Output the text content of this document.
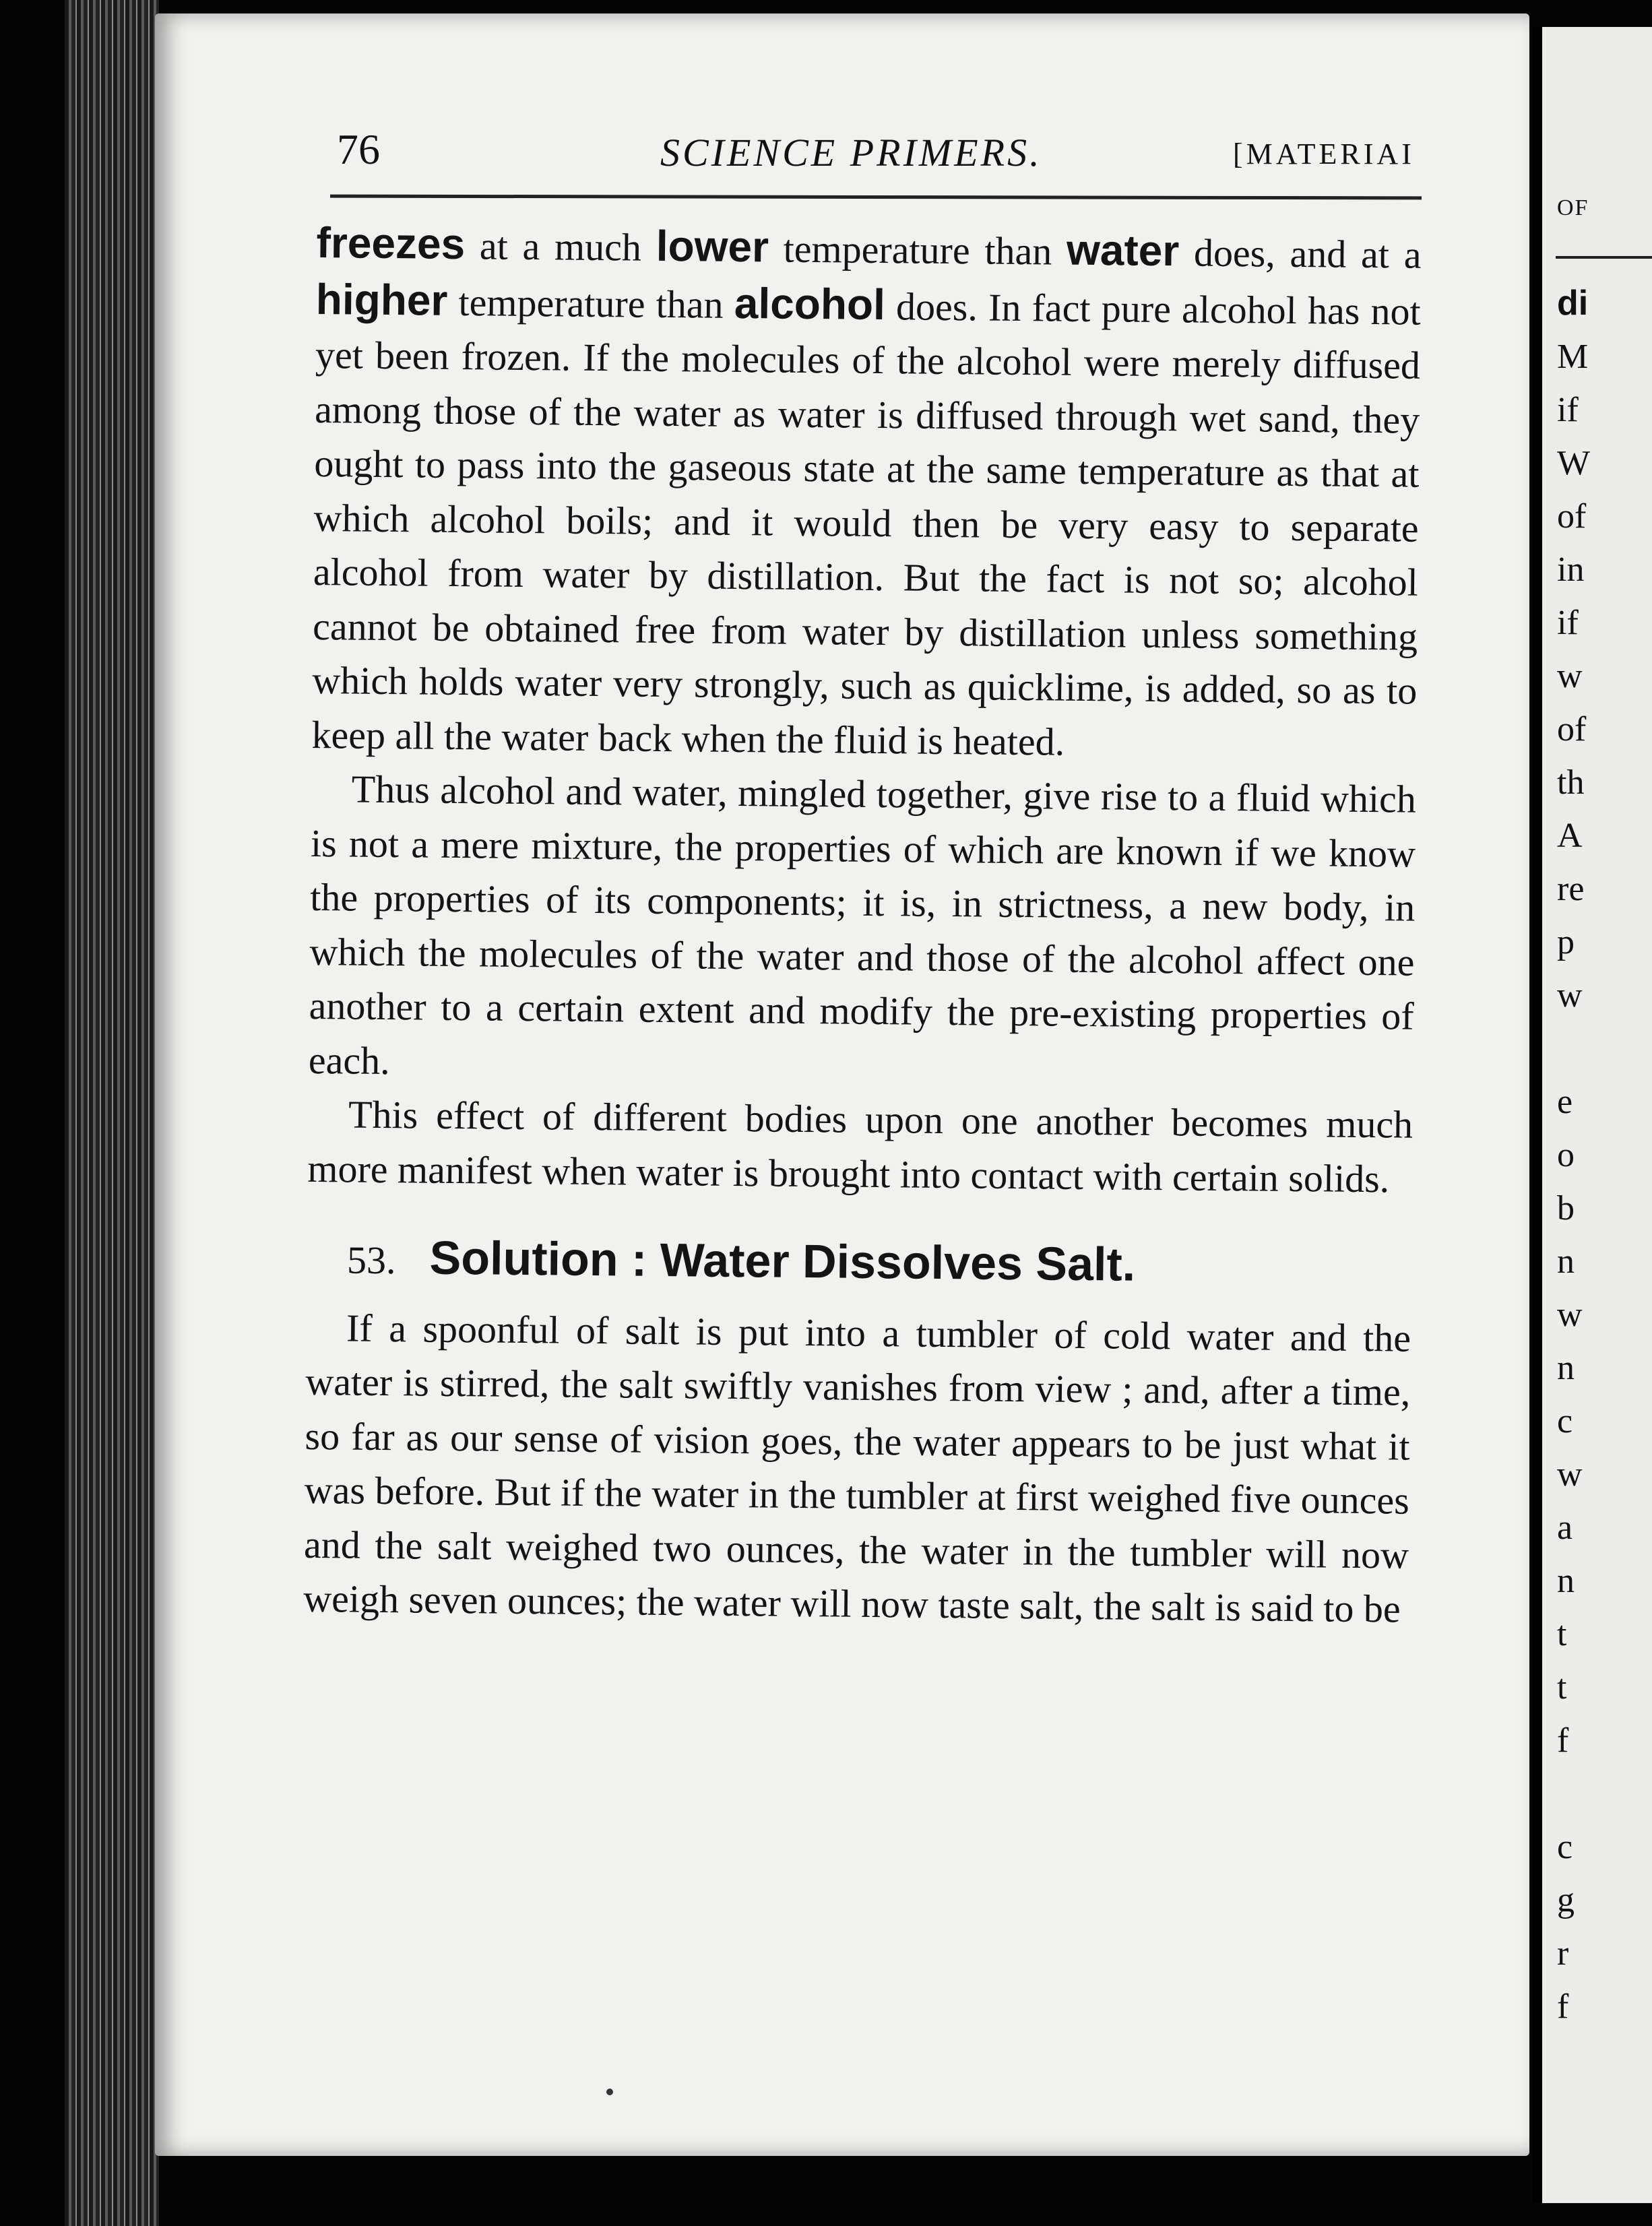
OF
di
M
if
W
of
in
if
w
of
th
A
re
p
w
e
o
b
n
w
n
c
w
a
n
t
t
f
c
g
r
f
76	SCIENCE PRIMERS.	[MATERIAI

freezes at a much lower temperature than water does, and at a higher temperature than alcohol does. In fact pure alcohol has not yet been frozen. If the molecules of the alcohol were merely diffused among those of the water as water is diffused through wet sand, they ought to pass into the gaseous state at the same temperature as that at which alcohol boils; and it would then be very easy to separate alcohol from water by distillation. But the fact is not so; alcohol cannot be obtained free from water by distillation unless something which holds water very strongly, such as quicklime, is added, so as to keep all the water back when the fluid is heated.

Thus alcohol and water, mingled together, give rise to a fluid which is not a mere mixture, the properties of which are known if we know the properties of its components; it is, in strictness, a new body, in which the molecules of the water and those of the alcohol affect one another to a certain extent and modify the pre-existing properties of each.

This effect of different bodies upon one another becomes much more manifest when water is brought into contact with certain solids.

53. Solution : Water Dissolves Salt.

If a spoonful of salt is put into a tumbler of cold water and the water is stirred, the salt swiftly vanishes from view ; and, after a time, so far as our sense of vision goes, the water appears to be just what it was before. But if the water in the tumbler at first weighed five ounces and the salt weighed two ounces, the water in the tumbler will now weigh seven ounces; the water will now taste salt, the salt is said to be
